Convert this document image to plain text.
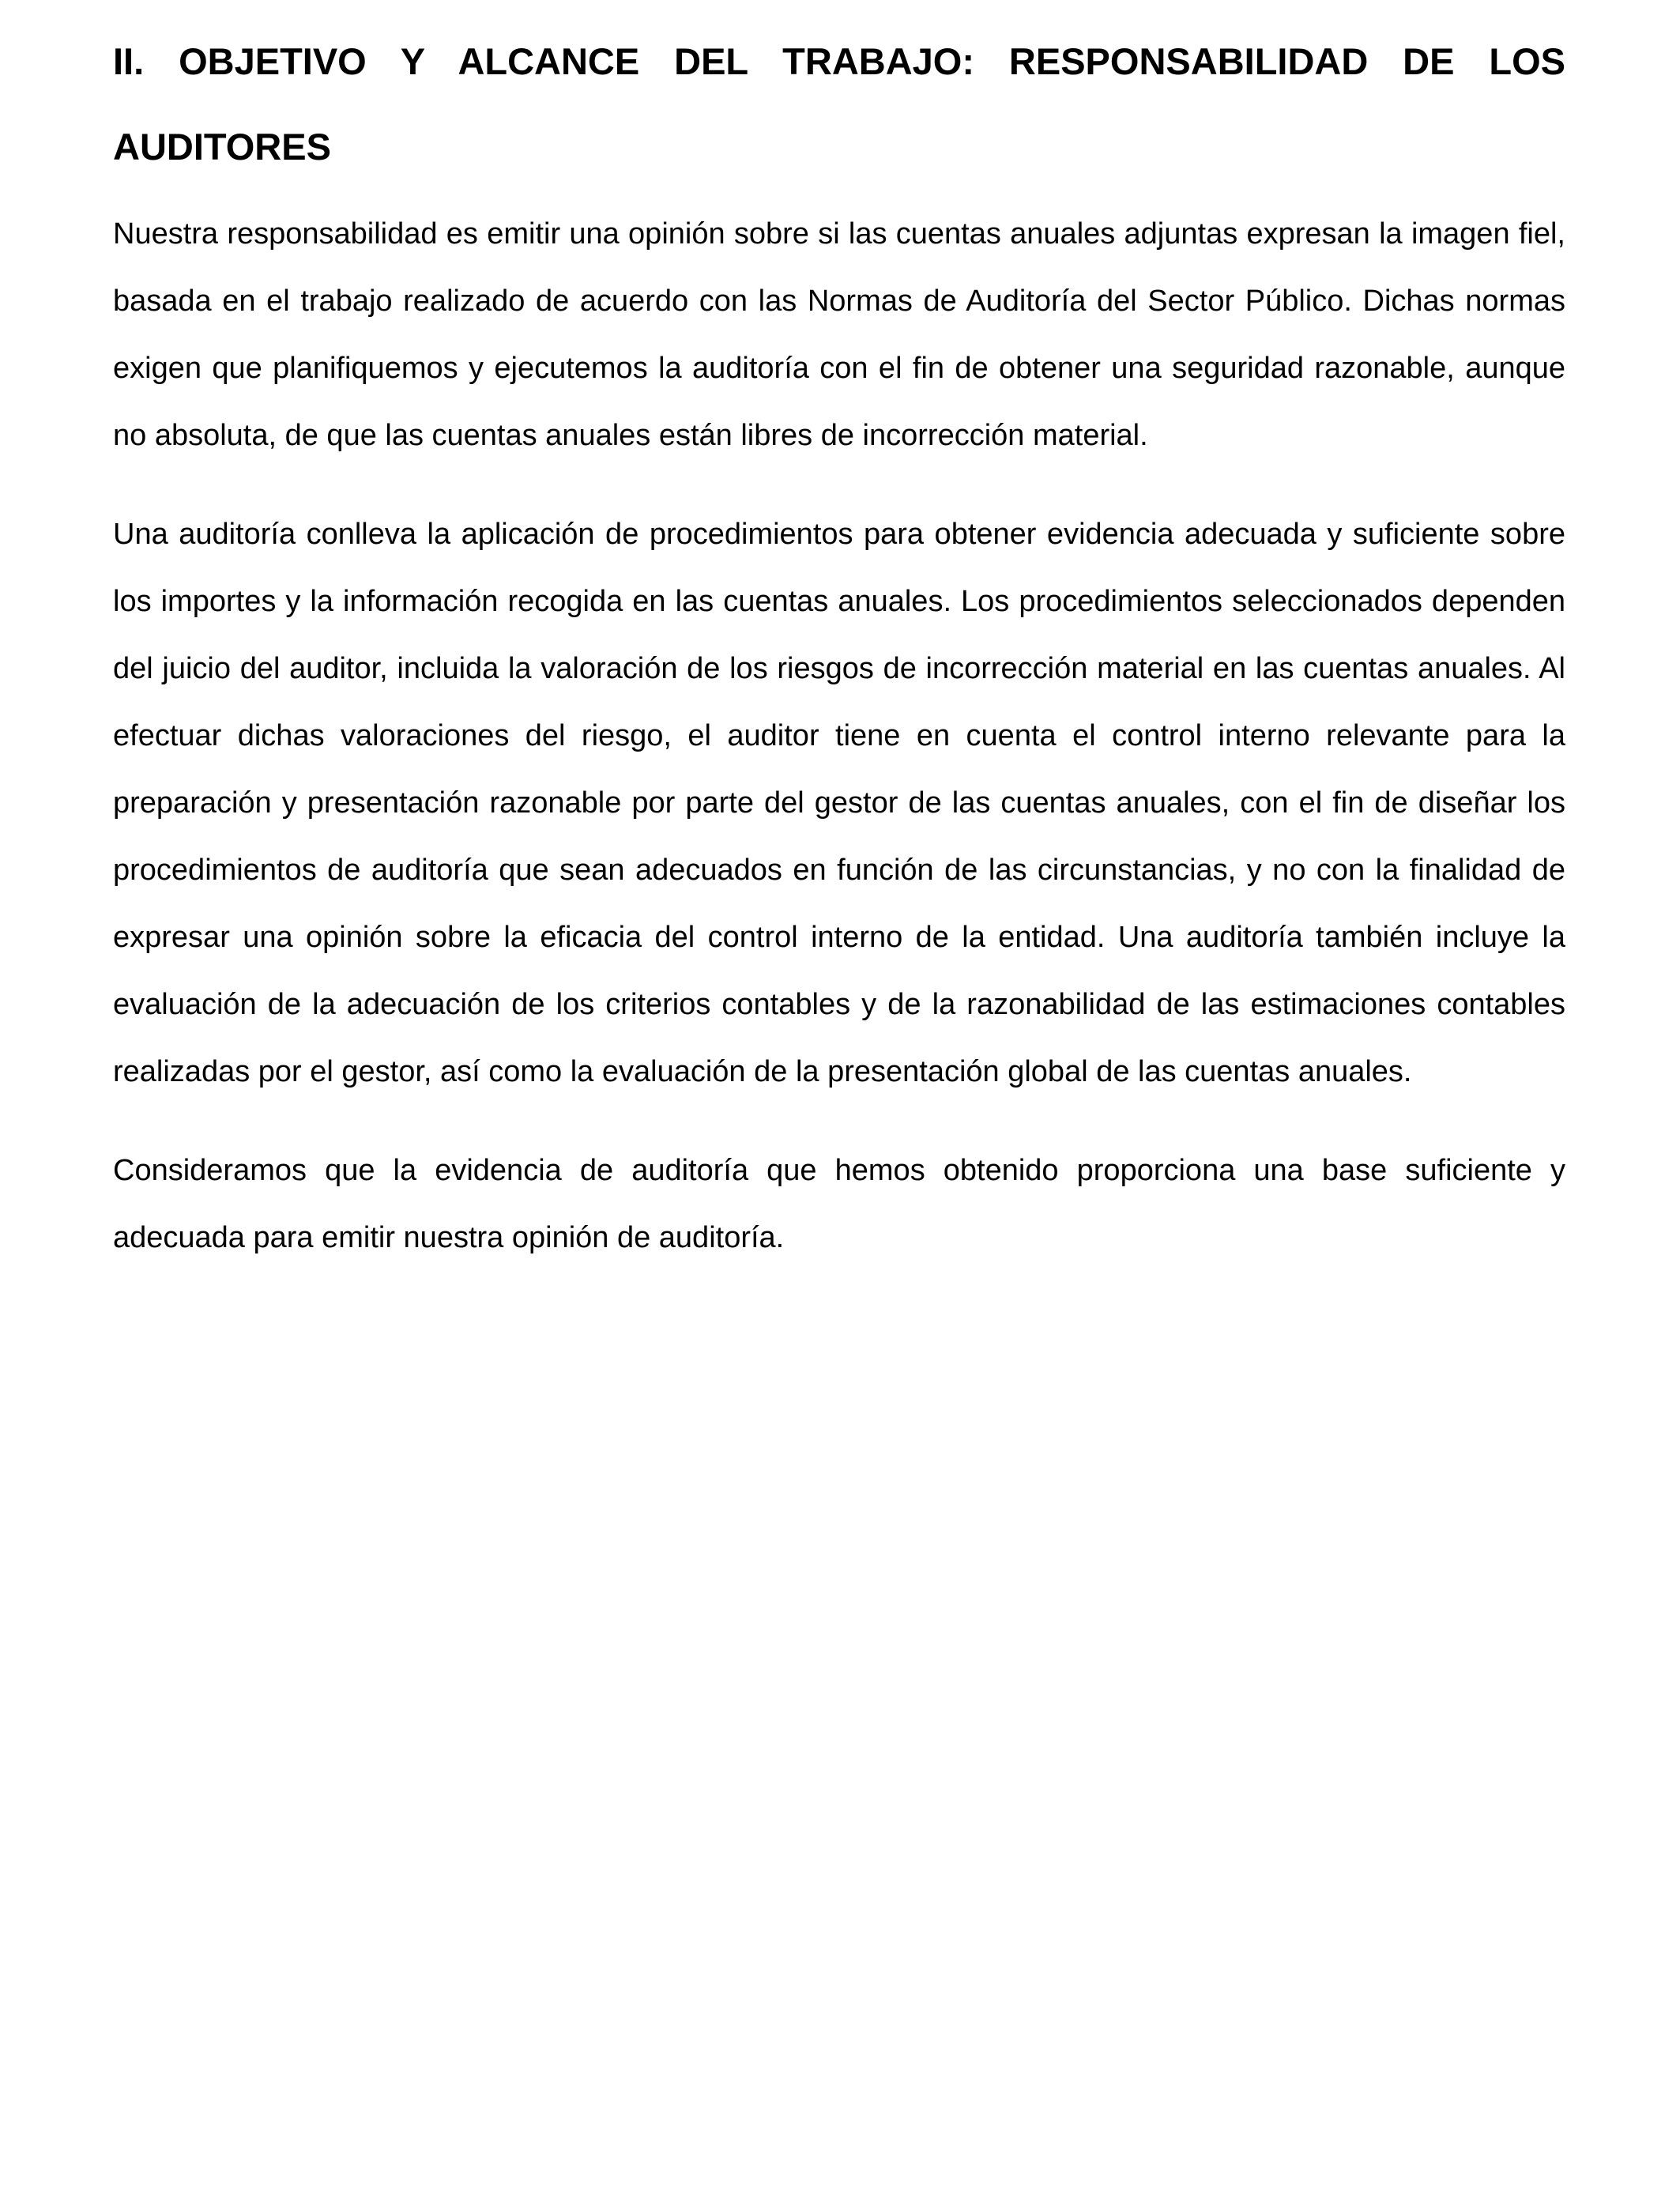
II. OBJETIVO Y ALCANCE DEL TRABAJO: RESPONSABILIDAD DE LOS AUDITORES

Nuestra responsabilidad es emitir una opinión sobre si las cuentas anuales adjuntas expresan la imagen fiel, basada en el trabajo realizado de acuerdo con las Normas de Auditoría del Sector Público. Dichas normas exigen que planifiquemos y ejecutemos la auditoría con el fin de obtener una seguridad razonable, aunque no absoluta, de que las cuentas anuales están libres de incorrección material.

Una auditoría conlleva la aplicación de procedimientos para obtener evidencia adecuada y suficiente sobre los importes y la información recogida en las cuentas anuales. Los procedimientos seleccionados dependen del juicio del auditor, incluida la valoración de los riesgos de incorrección material en las cuentas anuales. Al efectuar dichas valoraciones del riesgo, el auditor tiene en cuenta el control interno relevante para la preparación y presentación razonable por parte del gestor de las cuentas anuales, con el fin de diseñar los procedimientos de auditoría que sean adecuados en función de las circunstancias, y no con la finalidad de expresar una opinión sobre la eficacia del control interno de la entidad. Una auditoría también incluye la evaluación de la adecuación de los criterios contables y de la razonabilidad de las estimaciones contables realizadas por el gestor, así como la evaluación de la presentación global de las cuentas anuales.

Consideramos que la evidencia de auditoría que hemos obtenido proporciona una base suficiente y adecuada para emitir nuestra opinión de auditoría.
